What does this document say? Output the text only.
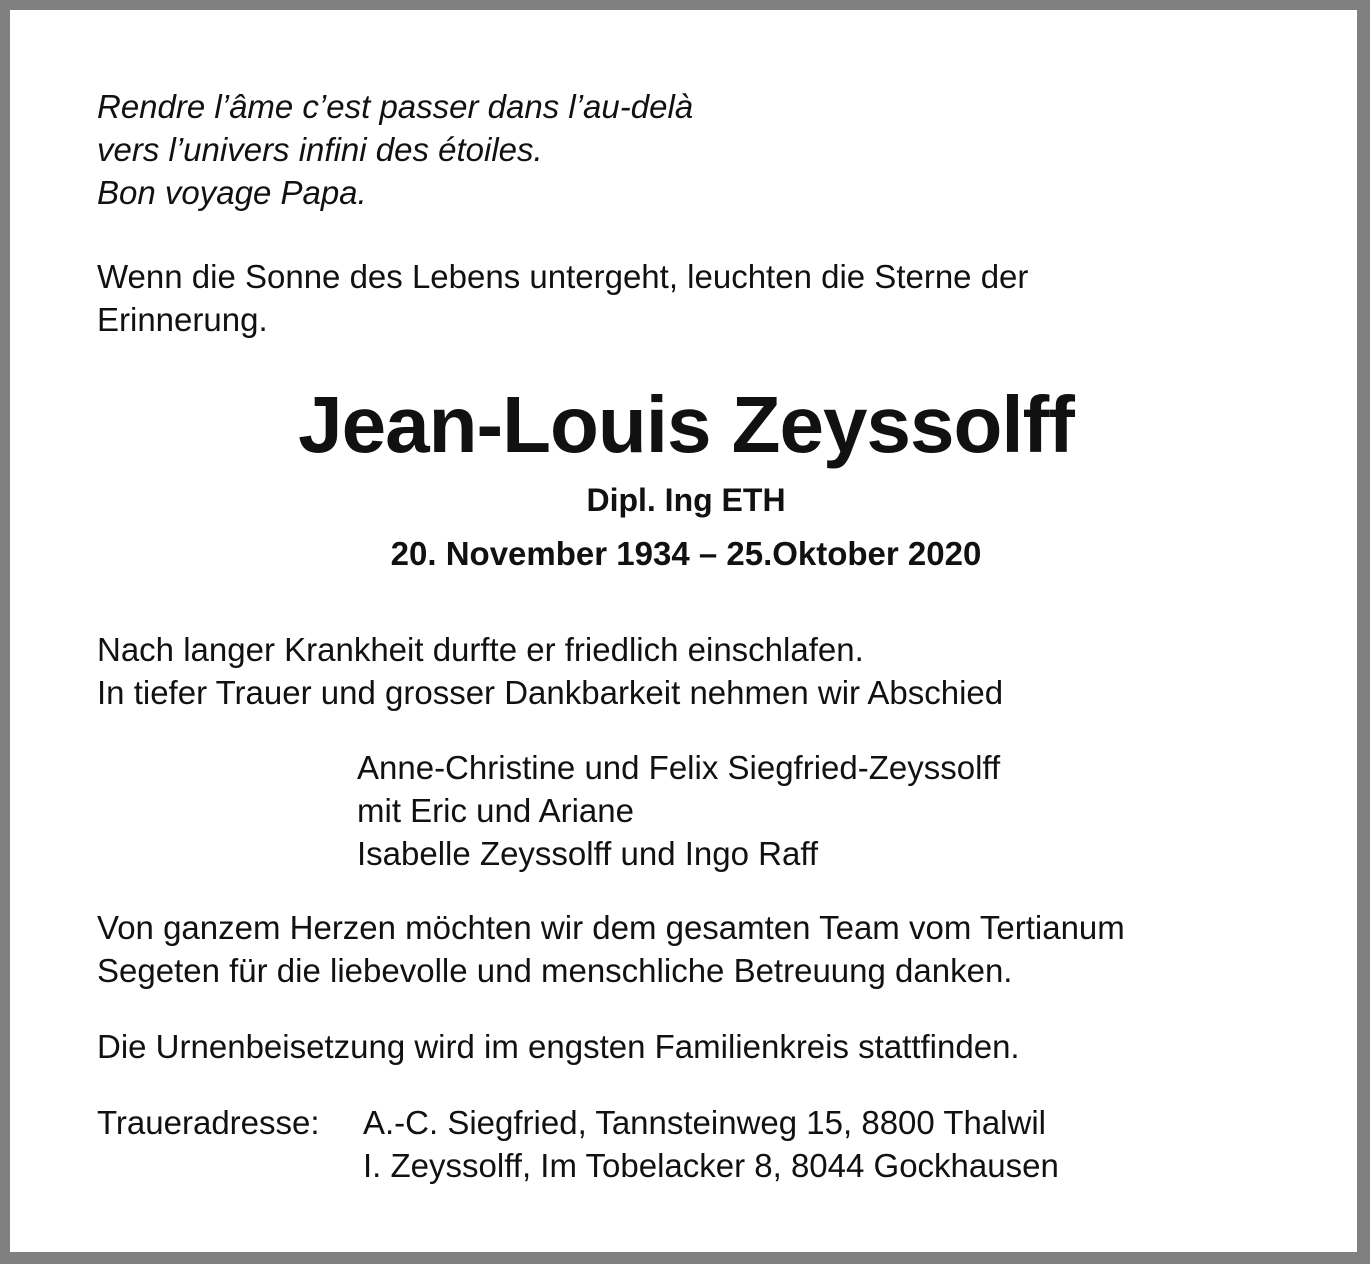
Rendre l’âme c’est passer dans l’au-delà
vers l’univers infini des étoiles.
Bon voyage Papa.
Wenn die Sonne des Lebens untergeht, leuchten die Sterne der
Erinnerung.
Jean-Louis Zeyssolff
Dipl. Ing ETH
20. November 1934 – 25.Oktober 2020
Nach langer Krankheit durfte er friedlich einschlafen.
In tiefer Trauer und grosser Dankbarkeit nehmen wir Abschied
Anne-Christine und Felix Siegfried-Zeyssolff
mit Eric und Ariane
Isabelle Zeyssolff und Ingo Raff
Von ganzem Herzen möchten wir dem gesamten Team vom Tertianum
Segeten für die liebevolle und menschliche Betreuung danken.
Die Urnenbeisetzung wird im engsten Familienkreis stattfinden.
Traueradresse:	A.-C. Siegfried, Tannsteinweg 15, 8800 Thalwil
I. Zeyssolff, Im Tobelacker 8, 8044 Gockhausen
